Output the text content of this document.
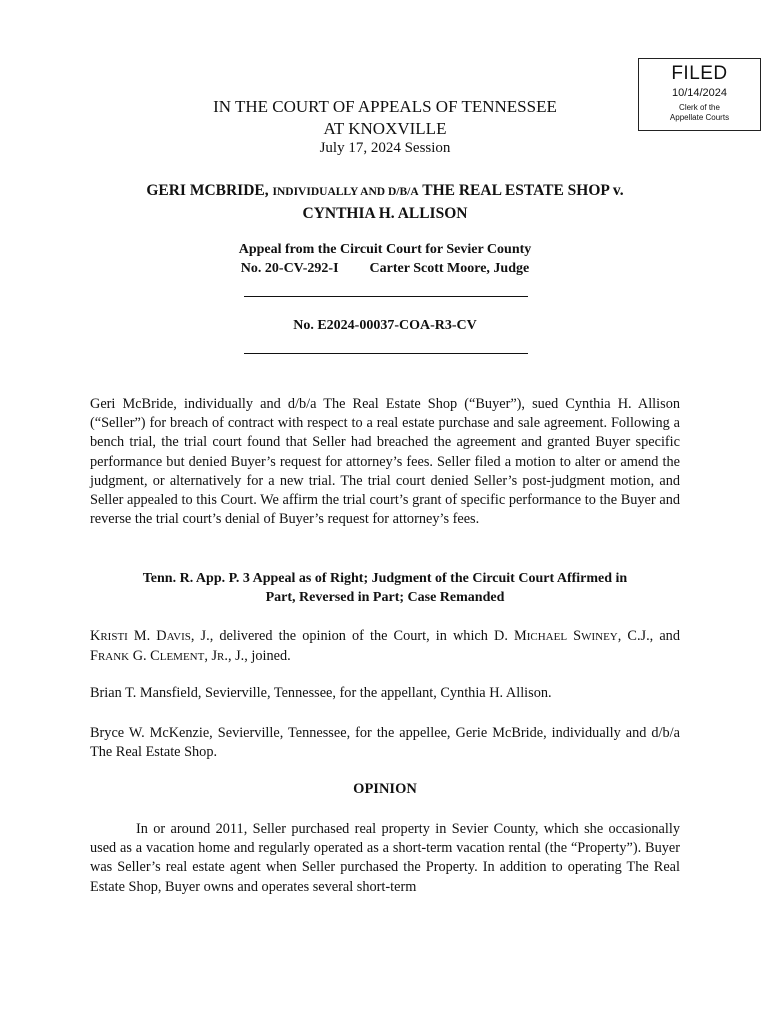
FILED
10/14/2024
Clerk of the
Appellate Courts
IN THE COURT OF APPEALS OF TENNESSEE
AT KNOXVILLE
July 17, 2024 Session
GERI MCBRIDE, INDIVIDUALLY AND D/B/A THE REAL ESTATE SHOP v.
CYNTHIA H. ALLISON
Appeal from the Circuit Court for Sevier County
No. 20-CV-292-I Carter Scott Moore, Judge
No. E2024-00037-COA-R3-CV
Geri McBride, individually and d/b/a The Real Estate Shop (“Buyer”), sued Cynthia H. Allison (“Seller”) for breach of contract with respect to a real estate purchase and sale agreement. Following a bench trial, the trial court found that Seller had breached the agreement and granted Buyer specific performance but denied Buyer’s request for attorney’s fees. Seller filed a motion to alter or amend the judgment, or alternatively for a new trial. The trial court denied Seller’s post-judgment motion, and Seller appealed to this Court. We affirm the trial court’s grant of specific performance to the Buyer and reverse the trial court’s denial of Buyer’s request for attorney’s fees.
Tenn. R. App. P. 3 Appeal as of Right; Judgment of the Circuit Court Affirmed in
Part, Reversed in Part; Case Remanded
KRISTI M. DAVIS, J., delivered the opinion of the Court, in which D. MICHAEL SWINEY, C.J., and FRANK G. CLEMENT, JR., J., joined.
Brian T. Mansfield, Sevierville, Tennessee, for the appellant, Cynthia H. Allison.
Bryce W. McKenzie, Sevierville, Tennessee, for the appellee, Gerie McBride, individually and d/b/a The Real Estate Shop.
OPINION
In or around 2011, Seller purchased real property in Sevier County, which she occasionally used as a vacation home and regularly operated as a short-term vacation rental (the “Property”). Buyer was Seller’s real estate agent when Seller purchased the Property. In addition to operating The Real Estate Shop, Buyer owns and operates several short-term
